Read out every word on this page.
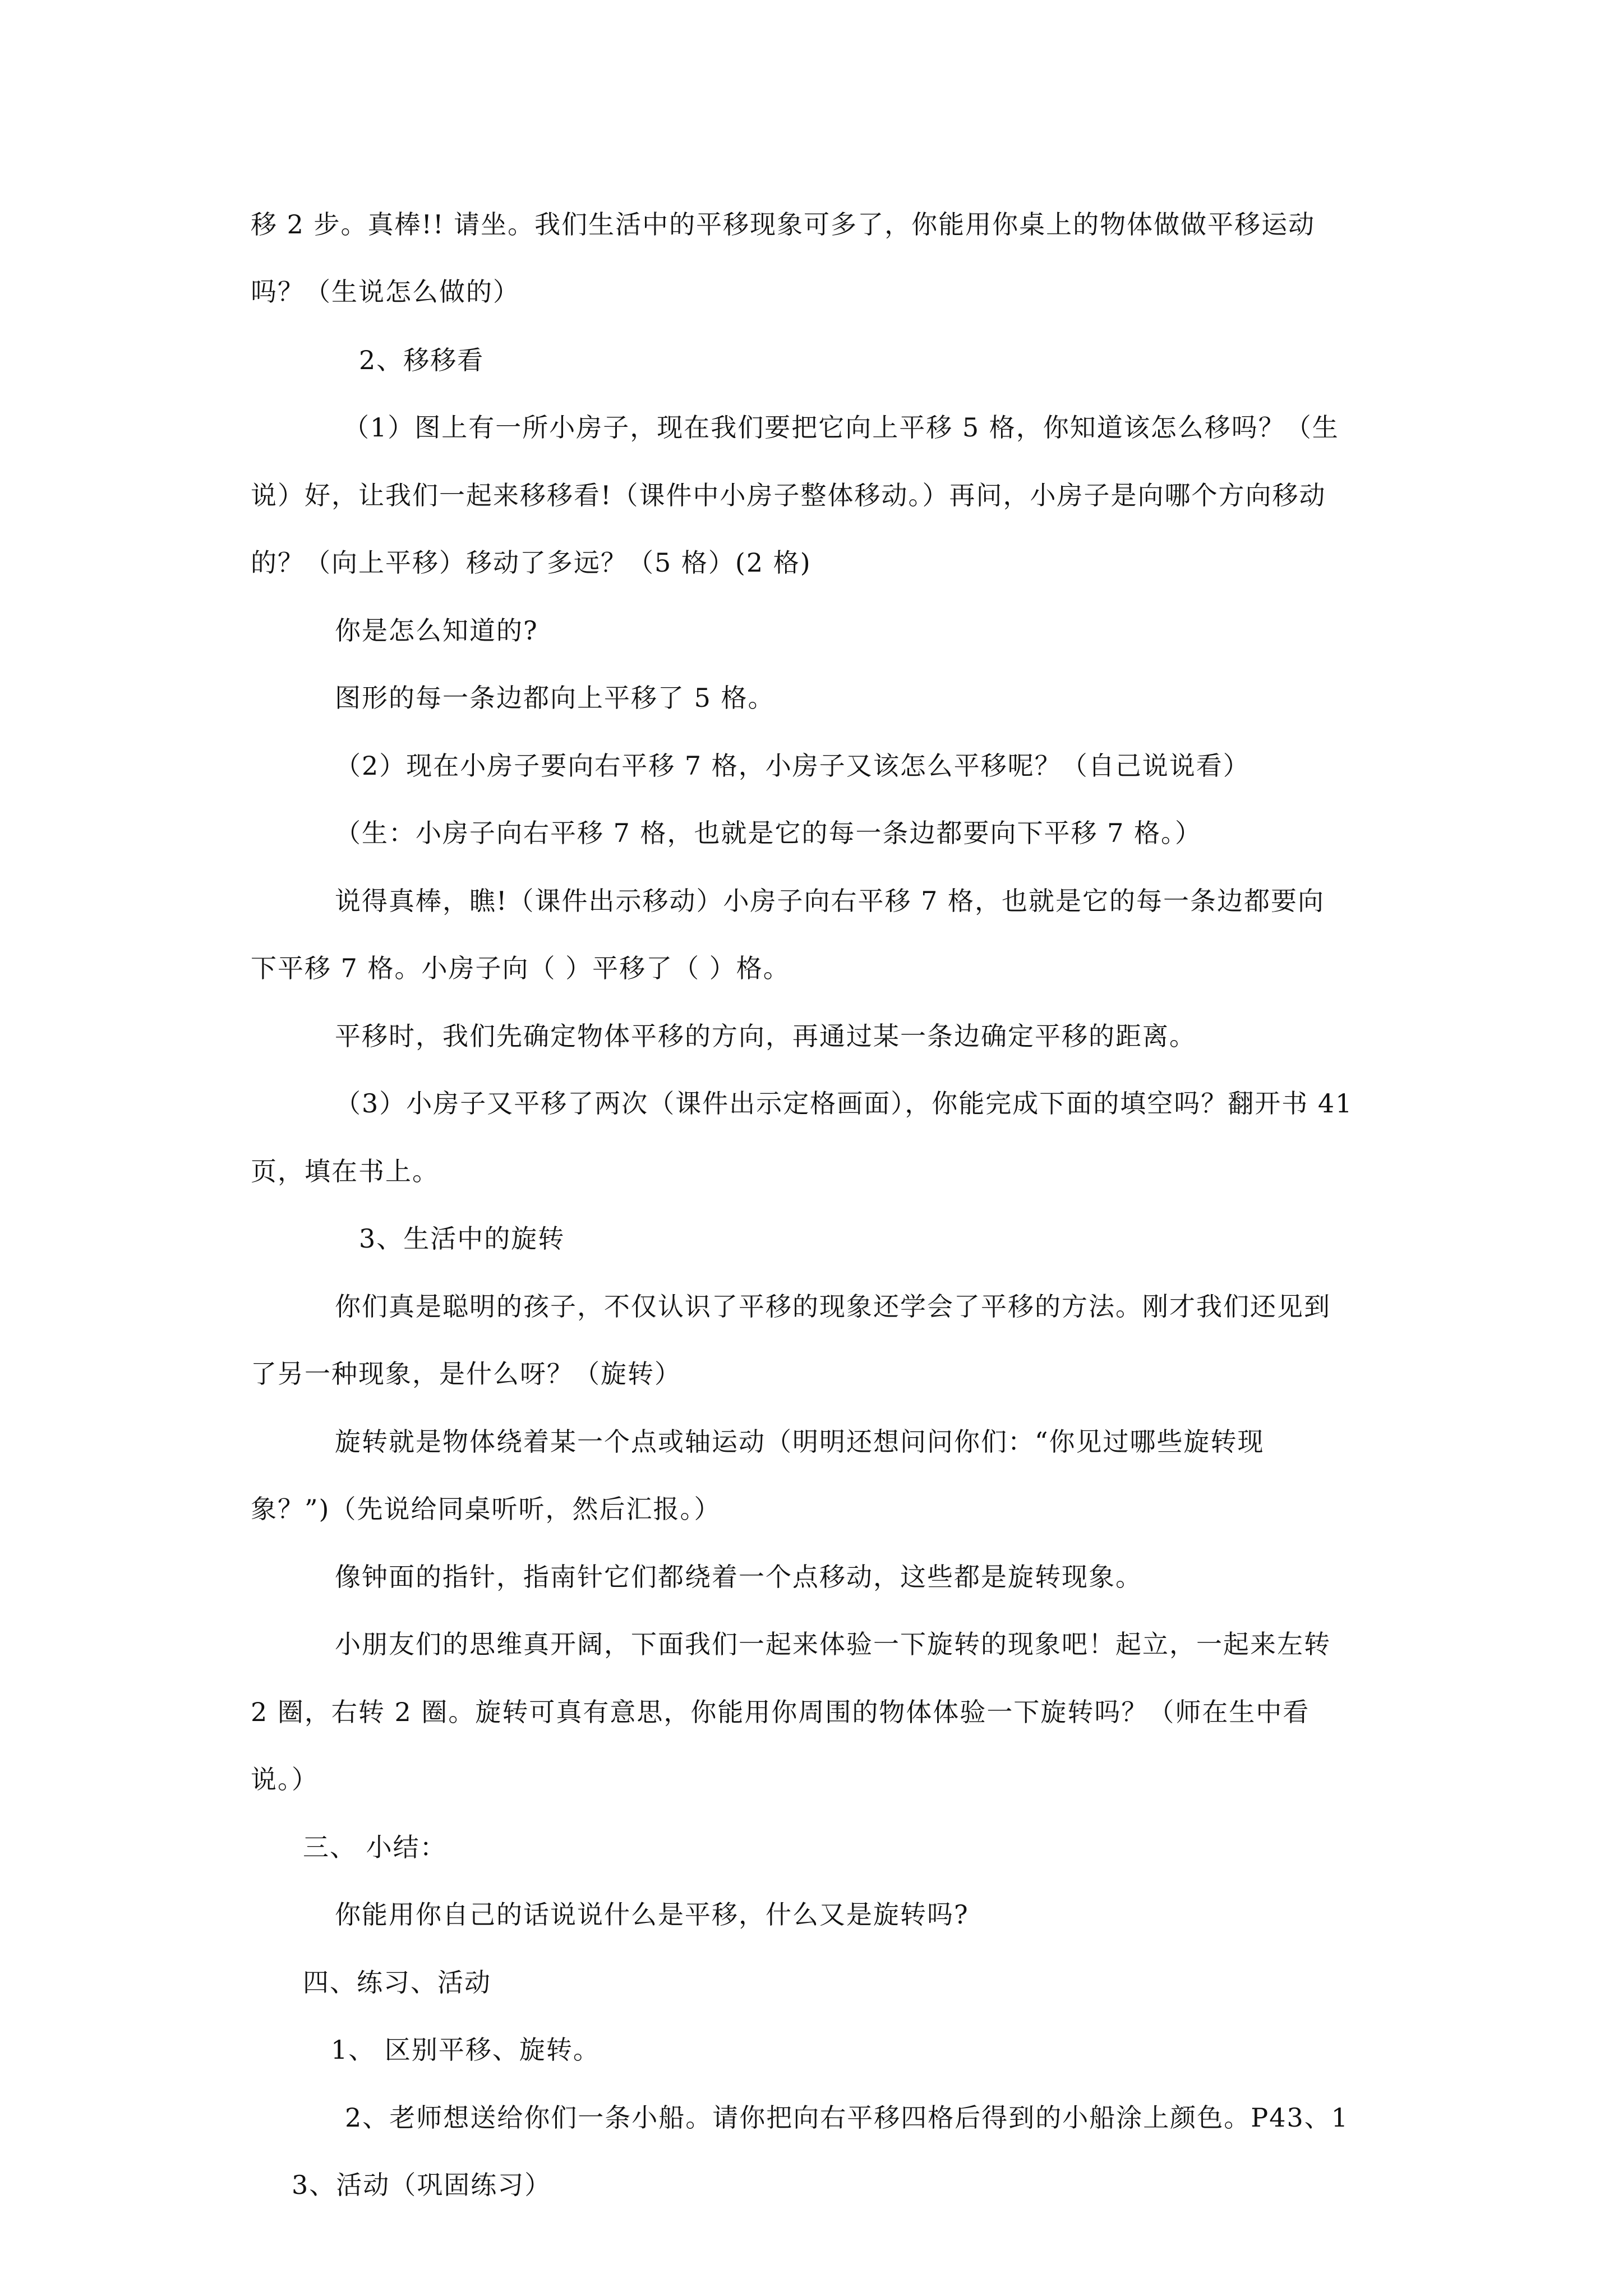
移 2 步。真棒!! 请坐。我们生活中的平移现象可多了，你能用你桌上的物体做做平移运动
吗？（生说怎么做的）
2、移移看
（1）图上有一所小房子，现在我们要把它向上平移 5 格，你知道该怎么移吗？（生
说）好，让我们一起来移移看!（课件中小房子整体移动。）再问，小房子是向哪个方向移动
的？（向上平移）移动了多远？（5 格）(2 格)
你是怎么知道的?
图形的每一条边都向上平移了 5 格。
（2）现在小房子要向右平移 7 格，小房子又该怎么平移呢？（自己说说看）
（生：小房子向右平移 7 格，也就是它的每一条边都要向下平移 7 格。）
说得真棒，瞧!（课件出示移动）小房子向右平移 7 格，也就是它的每一条边都要向
下平移 7 格。小房子向（ ）平移了（ ）格。
平移时，我们先确定物体平移的方向，再通过某一条边确定平移的距离。
（3）小房子又平移了两次（课件出示定格画面），你能完成下面的填空吗？翻开书 41
页，填在书上。
3、生活中的旋转
你们真是聪明的孩子，不仅认识了平移的现象还学会了平移的方法。刚才我们还见到
了另一种现象，是什么呀？（旋转）
旋转就是物体绕着某一个点或轴运动（明明还想问问你们：“你见过哪些旋转现
象？”)（先说给同桌听听，然后汇报。）
像钟面的指针，指南针它们都绕着一个点移动，这些都是旋转现象。
小朋友们的思维真开阔，下面我们一起来体验一下旋转的现象吧！起立，一起来左转
2 圈，右转 2 圈。旋转可真有意思，你能用你周围的物体体验一下旋转吗？（师在生中看
说。）
三、 小结：
你能用你自己的话说说什么是平移，什么又是旋转吗?
四、练习、活动
1、 区别平移、旋转。
2、老师想送给你们一条小船。请你把向右平移四格后得到的小船涂上颜色。P43、1
3、活动（巩固练习）
